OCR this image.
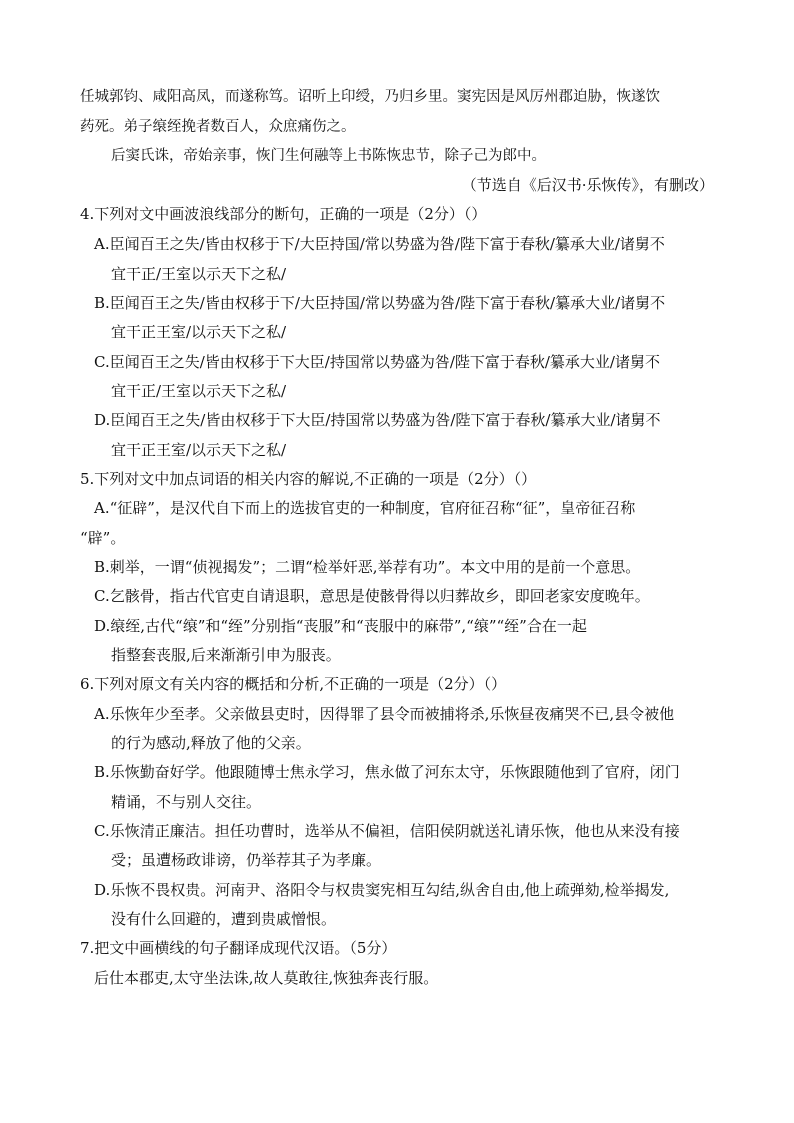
任城郭钧、咸阳高凤，而遂称笃。诏听上印绶，乃归乡里。窦宪因是风厉州郡迫胁，恢遂饮
药死。弟子缞绖挽者数百人，众庶痛伤之。
后窦氏诛，帝始亲事，恢门生何融等上书陈恢忠节，除子己为郎中。
（节选自《后汉书·乐恢传》，有删改）
4.下列对文中画波浪线部分的断句，正确的一项是（2分）（）
A.臣闻百王之失/皆由权移于下/大臣持国/常以势盛为咎/陛下富于春秋/纂承大业/诸舅不
宜干正/王室以示天下之私/
B.臣闻百王之失/皆由权移于下/大臣持国/常以势盛为咎/陛下富于春秋/纂承大业/诸舅不
宜干正王室/以示天下之私/
C.臣闻百王之失/皆由权移于下大臣/持国常以势盛为咎/陛下富于春秋/纂承大业/诸舅不
宜干正/王室以示天下之私/
D.臣闻百王之失/皆由权移于下大臣/持国常以势盛为咎/陛下富于春秋/纂承大业/诸舅不
宜干正王室/以示天下之私/
5.下列对文中加点词语的相关内容的解说,不正确的一项是（2分）（）
A.“征辟”，是汉代自下而上的选拔官吏的一种制度，官府征召称“征”，皇帝征召称
“辟”。
B.刺举，一谓“侦视揭发”；二谓“检举奸恶,举荐有功”。本文中用的是前一个意思。
C.乞骸骨，指古代官吏自请退职，意思是使骸骨得以归葬故乡，即回老家安度晚年。
D.缞绖,古代“缞”和“绖”分别指“丧服”和“丧服中的麻带”,“缞”“绖”合在一起
指整套丧服,后来渐渐引申为服丧。
6.下列对原文有关内容的概括和分析,不正确的一项是（2分）（）
A.乐恢年少至孝。父亲做县吏时，因得罪了县令而被捕将杀,乐恢昼夜痛哭不已,县令被他
的行为感动,释放了他的父亲。
B.乐恢勤奋好学。他跟随博士焦永学习，焦永做了河东太守，乐恢跟随他到了官府，闭门
精诵，不与别人交往。
C.乐恢清正廉洁。担任功曹时，选举从不偏袒，信阳侯阴就送礼请乐恢，他也从来没有接
受；虽遭杨政诽谤，仍举荐其子为孝廉。
D.乐恢不畏权贵。河南尹、洛阳令与权贵窦宪相互勾结,纵舍自由,他上疏弹劾,检举揭发,
没有什么回避的，遭到贵戚憎恨。
7.把文中画横线的句子翻译成现代汉语。（5分）
后仕本郡吏,太守坐法诛,故人莫敢往,恢独奔丧行服。
